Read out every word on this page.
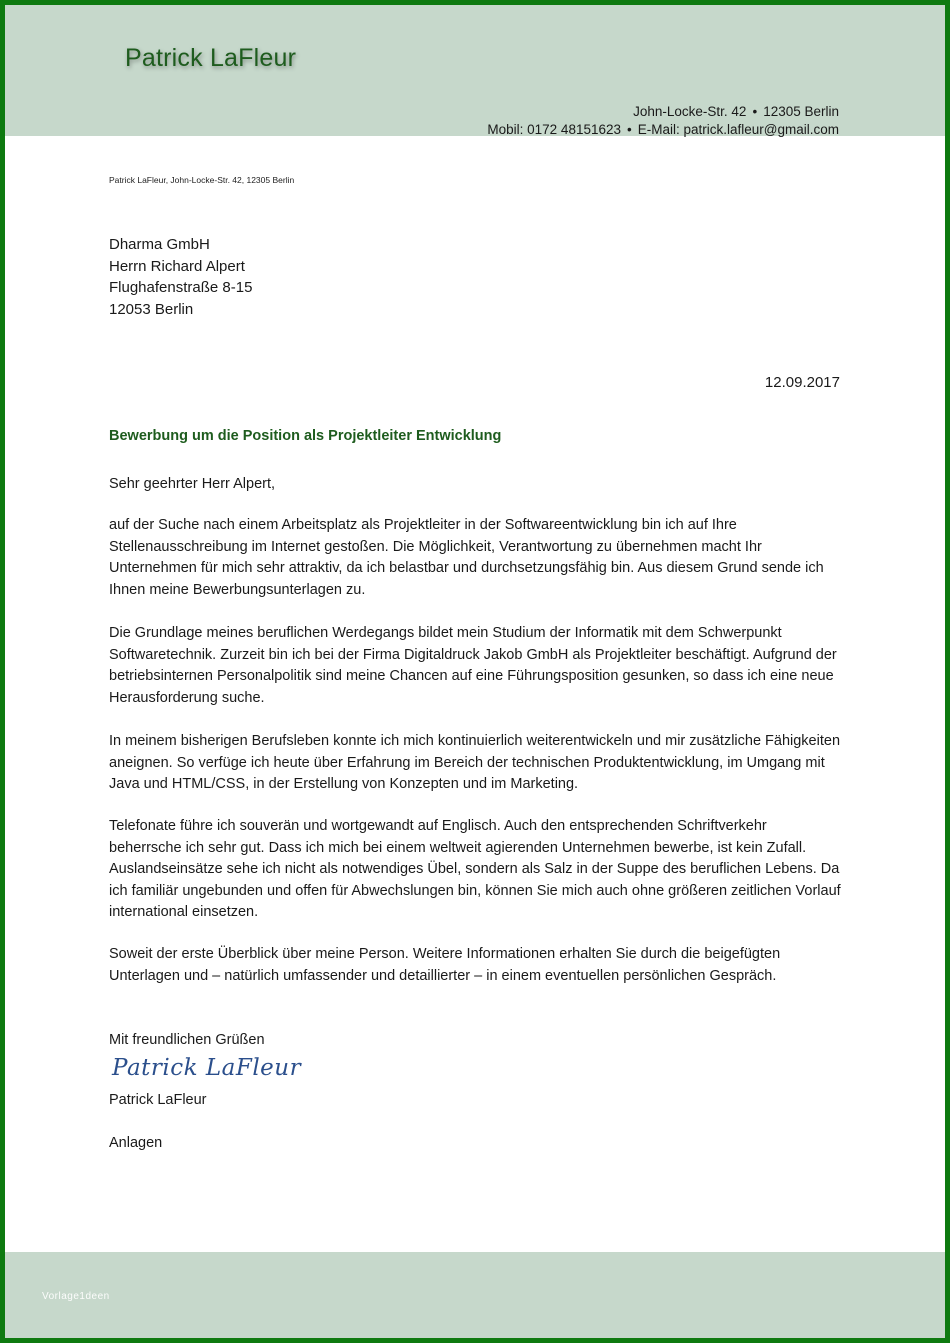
Patrick LaFleur
John-Locke-Str. 42 • 12305 Berlin
Mobil: 0172 48151623 • E-Mail: patrick.lafleur@gmail.com
Patrick LaFleur, John-Locke-Str. 42, 12305 Berlin
Dharma GmbH
Herrn Richard Alpert
Flughafenstraße 8-15
12053 Berlin
12.09.2017
Bewerbung um die Position als Projektleiter Entwicklung
Sehr geehrter Herr Alpert,

auf der Suche nach einem Arbeitsplatz als Projektleiter in der Softwareentwicklung bin ich auf Ihre Stellenausschreibung im Internet gestoßen. Die Möglichkeit, Verantwortung zu übernehmen macht Ihr Unternehmen für mich sehr attraktiv, da ich belastbar und durchsetzungsfähig bin. Aus diesem Grund sende ich Ihnen meine Bewerbungsunterlagen zu.

Die Grundlage meines beruflichen Werdegangs bildet mein Studium der Informatik mit dem Schwerpunkt Softwaretechnik. Zurzeit bin ich bei der Firma Digitaldruck Jakob GmbH als Projektleiter beschäftigt. Aufgrund der betriebsinternen Personalpolitik sind meine Chancen auf eine Führungsposition gesunken, so dass ich eine neue Herausforderung suche.

In meinem bisherigen Berufsleben konnte ich mich kontinuierlich weiterentwickeln und mir zusätzliche Fähigkeiten aneignen. So verfüge ich heute über Erfahrung im Bereich der technischen Produktentwicklung, im Umgang mit Java und HTML/CSS, in der Erstellung von Konzepten und im Marketing.

Telefonate führe ich souverän und wortgewandt auf Englisch. Auch den entsprechenden Schriftverkehr beherrsche ich sehr gut. Dass ich mich bei einem weltweit agierenden Unternehmen bewerbe, ist kein Zufall. Auslandseinsätze sehe ich nicht als notwendiges Übel, sondern als Salz in der Suppe des beruflichen Lebens. Da ich familiär ungebunden und offen für Abwechslungen bin, können Sie mich auch ohne größeren zeitlichen Vorlauf international einsetzen.

Soweit der erste Überblick über meine Person. Weitere Informationen erhalten Sie durch die beigefügten Unterlagen und – natürlich umfassender und detaillierter – in einem eventuellen persönlichen Gespräch.

Mit freundlichen Grüßen
Patrick LaFleur
Patrick LaFleur
Anlagen
Vorlage1deen
